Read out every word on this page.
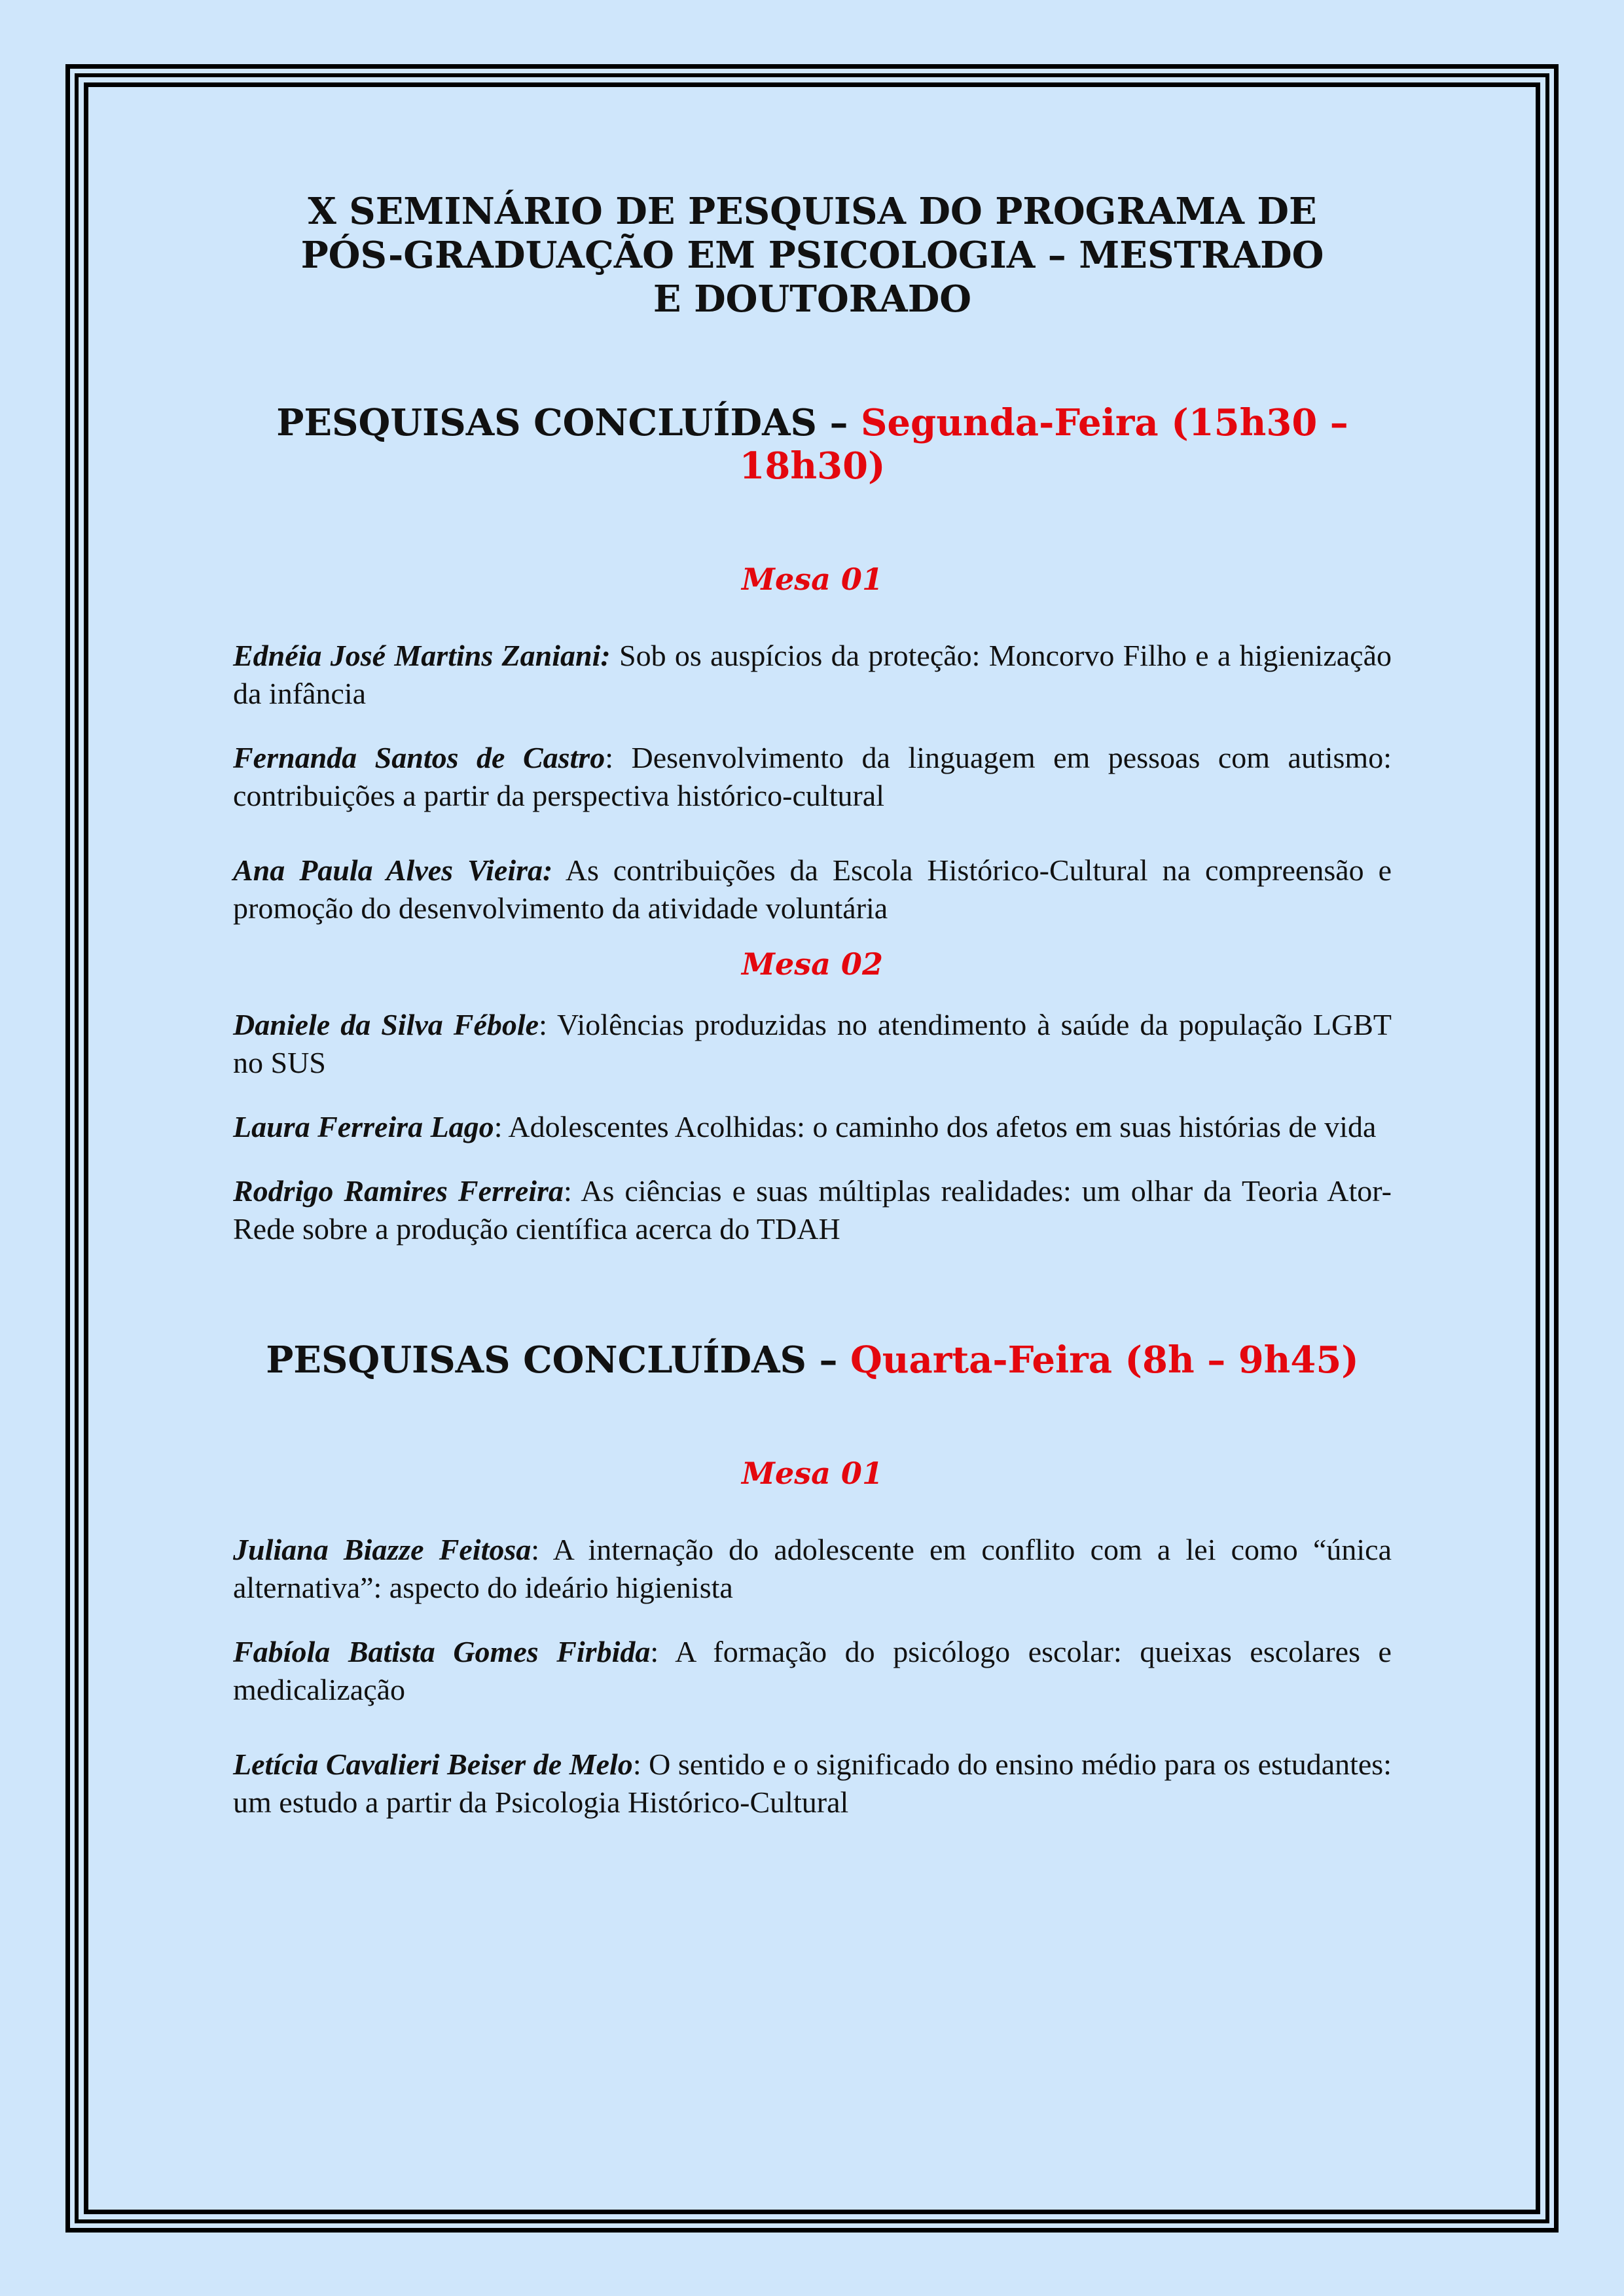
X SEMINÁRIO DE PESQUISA DO PROGRAMA DE
PÓS-GRADUAÇÃO EM PSICOLOGIA – MESTRADO
E DOUTORADO
PESQUISAS CONCLUÍDAS – Segunda-Feira (15h30 – 18h30)
Mesa 01

Ednéia José Martins Zaniani: Sob os auspícios da proteção: Moncorvo Filho e a higienização da infância

Fernanda Santos de Castro: Desenvolvimento da linguagem em pessoas com autismo: contribuições a partir da perspectiva histórico-cultural

Ana Paula Alves Vieira: As contribuições da Escola Histórico-Cultural na compreensão e promoção do desenvolvimento da atividade voluntária

Mesa 02

Daniele da Silva Fébole: Violências produzidas no atendimento à saúde da população LGBT no SUS

Laura Ferreira Lago: Adolescentes Acolhidas: o caminho dos afetos em suas histórias de vida

Rodrigo Ramires Ferreira: As ciências e suas múltiplas realidades: um olhar da Teoria Ator-Rede sobre a produção científica acerca do TDAH

PESQUISAS CONCLUÍDAS – Quarta-Feira (8h – 9h45)
Mesa 01

Juliana Biazze Feitosa: A internação do adolescente em conflito com a lei como “única alternativa”: aspecto do ideário higienista

Fabíola Batista Gomes Firbida: A formação do psicólogo escolar: queixas escolares e medicalização

Letícia Cavalieri Beiser de Melo: O sentido e o significado do ensino médio para os estudantes: um estudo a partir da Psicologia Histórico-Cultural
